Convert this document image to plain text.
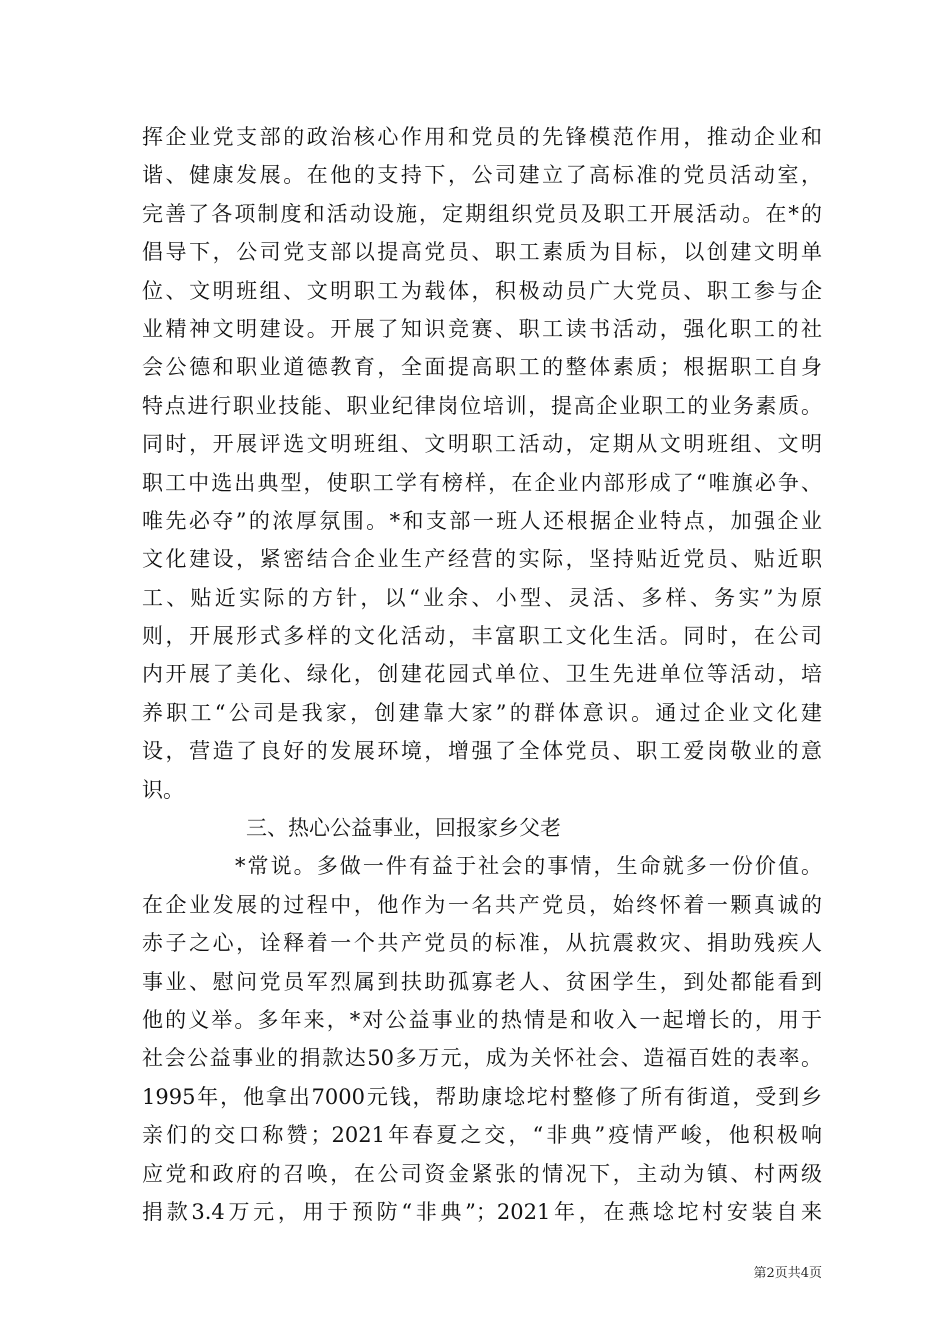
挥企业党支部的政治核心作用和党员的先锋模范作用，推动企业和
谐、健康发展。在他的支持下，公司建立了高标准的党员活动室，
完善了各项制度和活动设施，定期组织党员及职工开展活动。在*的
倡导下，公司党支部以提高党员、职工素质为目标，以创建文明单
位、文明班组、文明职工为载体，积极动员广大党员、职工参与企
业精神文明建设。开展了知识竞赛、职工读书活动，强化职工的社
会公德和职业道德教育，全面提高职工的整体素质；根据职工自身
特点进行职业技能、职业纪律岗位培训，提高企业职工的业务素质。
同时，开展评选文明班组、文明职工活动，定期从文明班组、文明
职工中选出典型，使职工学有榜样，在企业内部形成了“唯旗必争、
唯先必夺”的浓厚氛围。*和支部一班人还根据企业特点，加强企业
文化建设，紧密结合企业生产经营的实际，坚持贴近党员、贴近职
工、贴近实际的方针，以“业余、小型、灵活、多样、务实”为原
则，开展形式多样的文化活动，丰富职工文化生活。同时，在公司
内开展了美化、绿化，创建花园式单位、卫生先进单位等活动，培
养职工“公司是我家，创建靠大家”的群体意识。通过企业文化建
设，营造了良好的发展环境，增强了全体党员、职工爱岗敬业的意
识。
三、热心公益事业，回报家乡父老
*常说。多做一件有益于社会的事情，生命就多一份价值。
在企业发展的过程中，他作为一名共产党员，始终怀着一颗真诚的
赤子之心，诠释着一个共产党员的标准，从抗震救灾、捐助残疾人
事业、慰问党员军烈属到扶助孤寡老人、贫困学生，到处都能看到
他的义举。多年来，*对公益事业的热情是和收入一起增长的，用于
社会公益事业的捐款达50多万元，成为关怀社会、造福百姓的表率。
1995年，他拿出7000元钱，帮助康埝坨村整修了所有街道，受到乡
亲们的交口称赞；2021年春夏之交，“非典”疫情严峻，他积极响
应党和政府的召唤，在公司资金紧张的情况下，主动为镇、村两级
捐款3.4万元，用于预防“非典”；2021年，在燕埝坨村安装自来
第2页共4页
